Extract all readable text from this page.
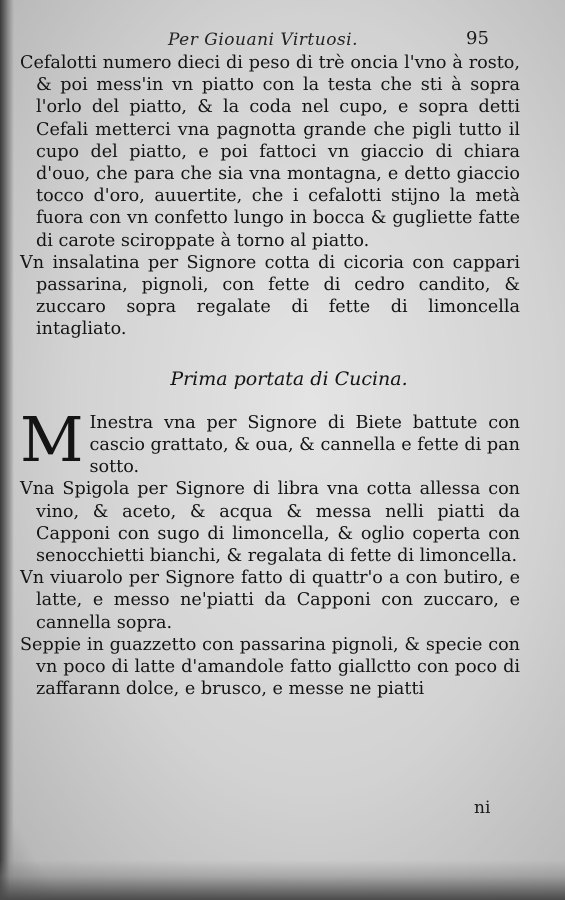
Per Giouani Virtuosi.	95

Cefalotti numero dieci di peso di trè oncia l'vno à rosto, & poi mess'in vn piatto con la testa che sti à sopra l'orlo del piatto, & la coda nel cupo, e sopra detti Cefali metterci vna pagnotta grande che pigli tutto il cupo del piatto, e poi fattoci vn giaccio di chiara d'ouo, che para che sia vna montagna, e detto giaccio tocco d'oro, auuertite, che i cefalotti stijno la metà fuora con vn confetto lungo in bocca & gugliette fatte di carote sciroppate à torno al piatto.

Vn insalatina per Signore cotta di cicoria con cappari passarina, pignoli, con fette di cedro candito, & zuccaro sopra regalate di fette di limoncella intagliato.

Prima portata di Cucina.

M Inestra vna per Signore di Biete battute con cascio grattato, & oua, & cannella e fette di pan sotto.

Vna Spigola per Signore di libra vna cotta allessa con vino, & aceto, & acqua & messa nelli piatti da Capponi con sugo di limoncella, & oglio coperta con senocchietti bianchi, & regalata di fette di limoncella.

Vn viuarolo per Signore fatto di quattr'o a con butiro, e latte, e messo ne'piatti da Capponi con zuccaro, e cannella sopra.

Seppie in guazzetto con passarina pignoli, & specie con vn poco di latte d'amandole fatto giallctto con poco di zaffarann dolce, e brusco, e messe ne piatti

ni
